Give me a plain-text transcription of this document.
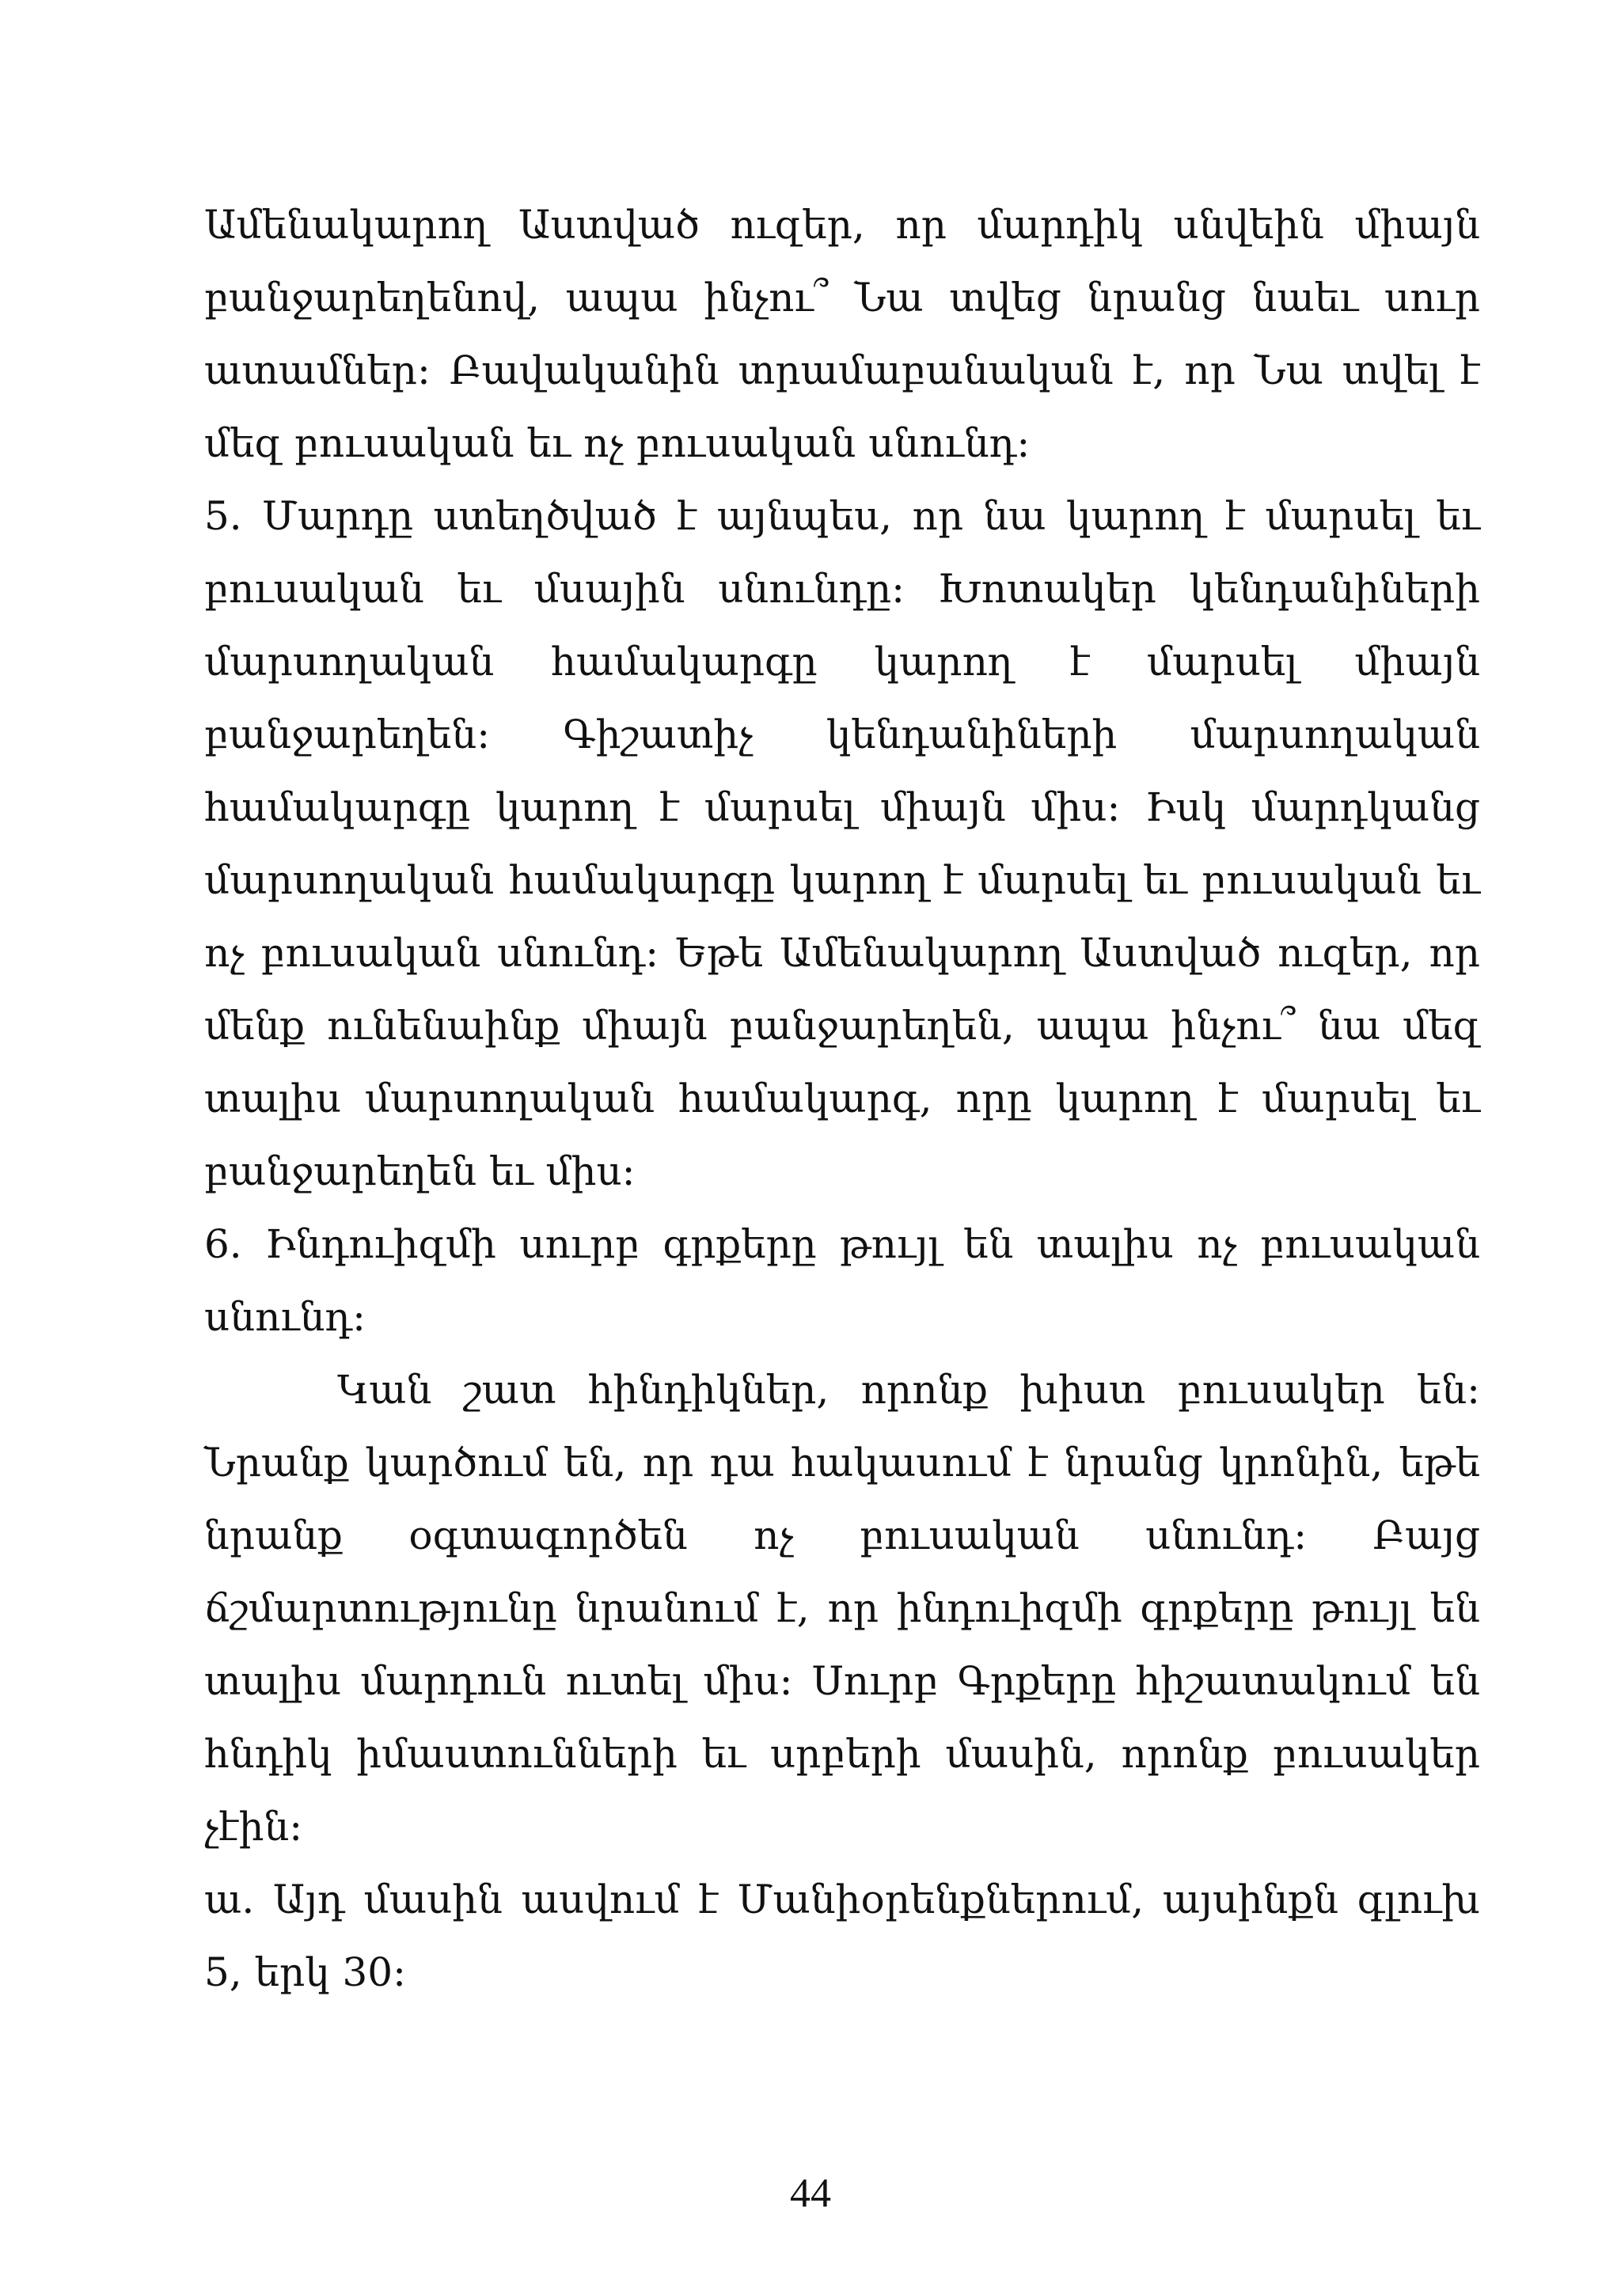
Ամենակարող Աստված ուզեր, որ մարդիկ սնվեին միայն բանջարեղենով, ապա ինչու՞ Նա տվեց նրանց նաեւ սուր ատամներ: Բավականին տրամաբանական է, որ Նա տվել է մեզ բուսական եւ ոչ բուսական սնունդ:

5. Մարդը ստեղծված է այնպես, որ նա կարող է մարսել եւ բուսական եւ մսային սնունդը: Խոտակեր կենդանիների մարսողական համակարգը կարող է մարսել միայն բանջարեղեն: Գիշատիչ կենդանիների մարսողական համակարգը կարող է մարսել միայն միս: Իսկ մարդկանց մարսողական համակարգը կարող է մարսել եւ բուսական եւ ոչ բուսական սնունդ: Եթե Ամենակարող Աստված ուզեր, որ մենք ունենաինք միայն բանջարեղեն, ապա ինչու՞ նա մեզ տալիս մարսողական համակարգ, որը կարող է մարսել եւ բանջարեղեն եւ միս:

6. Ինդուիզմի սուրբ գրքերը թույլ են տալիս ոչ բուսական սնունդ:

Կան շատ հինդիկներ, որոնք խիստ բուսակեր են: Նրանք կարծում են, որ դա հակասում է նրանց կրոնին, եթե նրանք օգտագործեն ոչ բուսական սնունդ: Բայց ճշմարտությունը նրանում է, որ ինդուիզմի գրքերը թույլ են տալիս մարդուն ուտել միս: Սուրբ Գրքերը հիշատակում են հնդիկ իմաստունների եւ սրբերի մասին, որոնք բուսակեր չէին:

ա. Այդ մասին ասվում է Մանիօրենքներում, այսինքն գլուխ 5, երկ 30:

44
